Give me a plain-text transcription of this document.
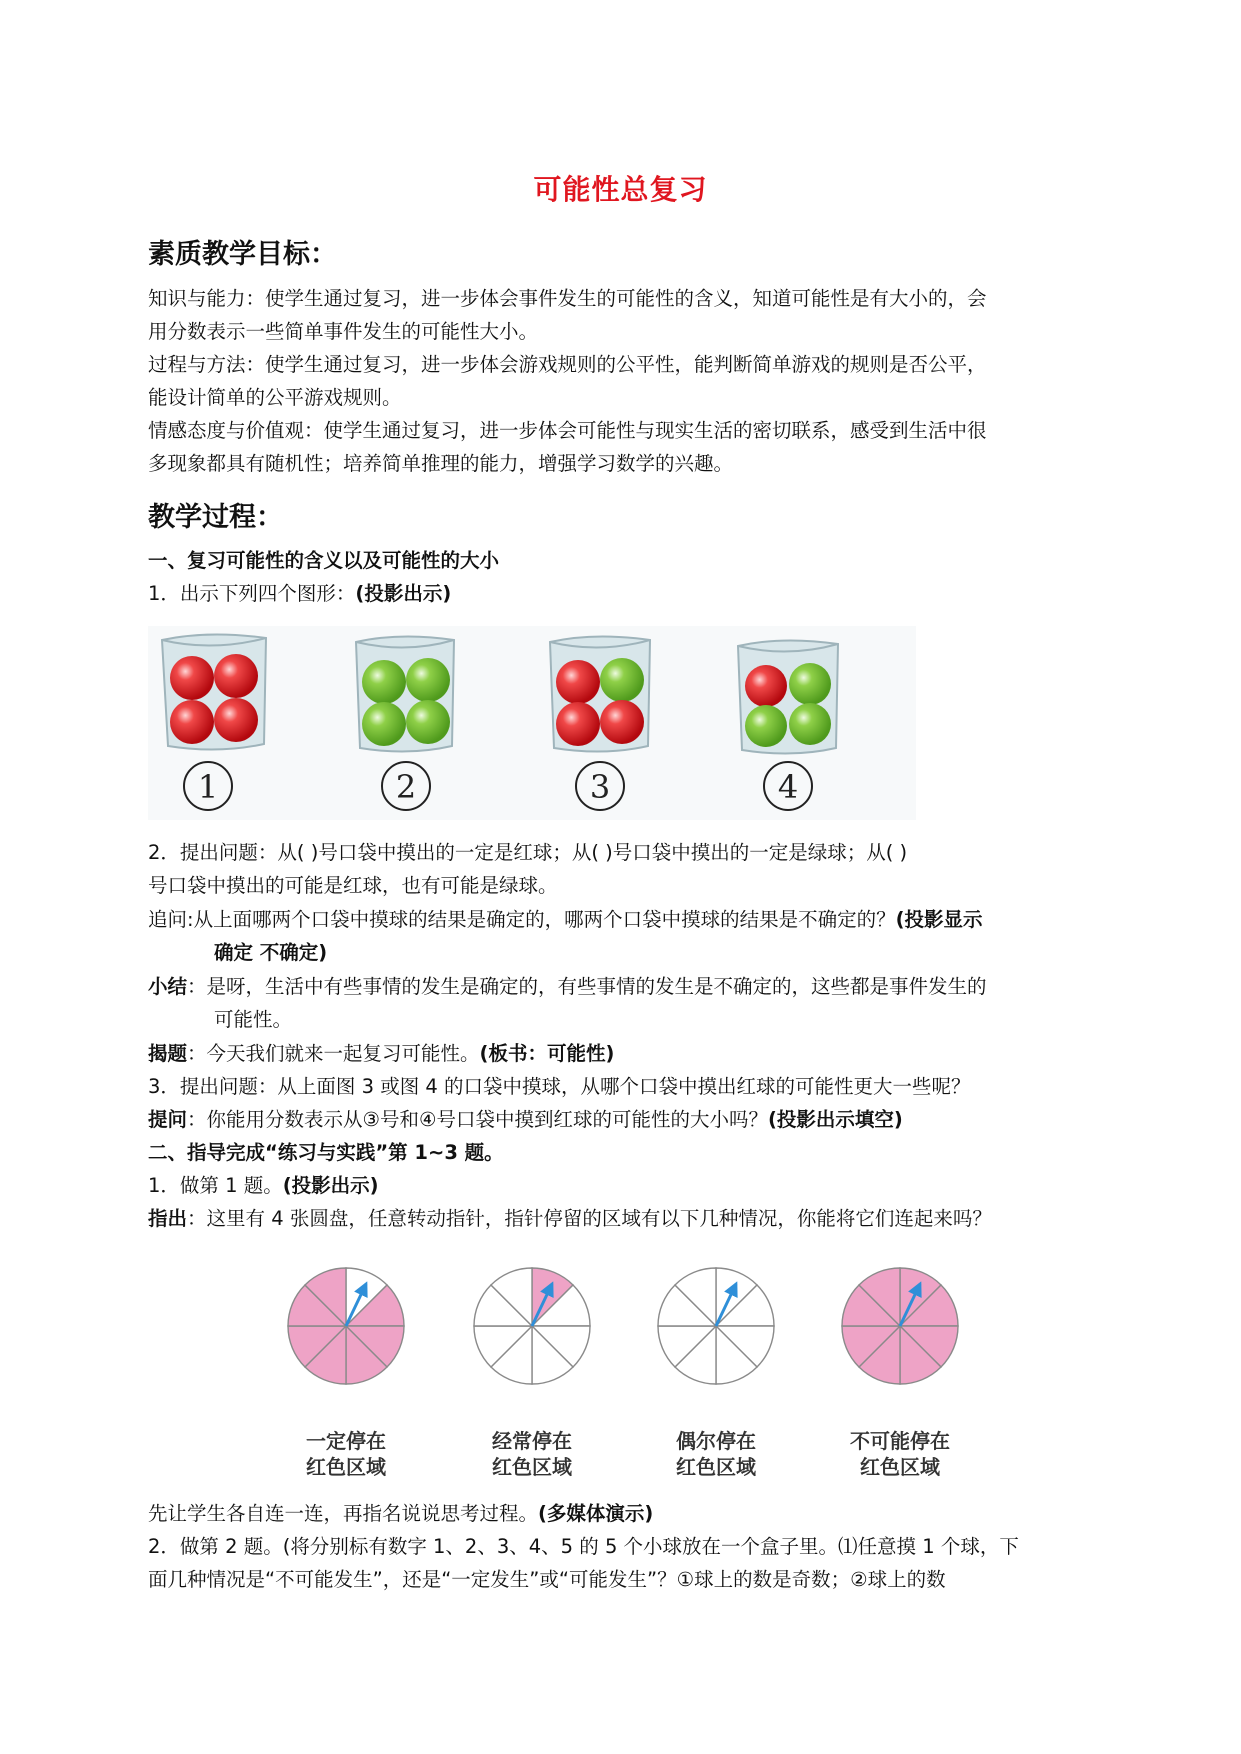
可能性总复习
素质教学目标：
知识与能力：使学生通过复习，进一步体会事件发生的可能性的含义，知道可能性是有大小的，会
用分数表示一些简单事件发生的可能性大小。
过程与方法：使学生通过复习，进一步体会游戏规则的公平性，能判断简单游戏的规则是否公平，
能设计简单的公平游戏规则。
情感态度与价值观：使学生通过复习，进一步体会可能性与现实生活的密切联系，感受到生活中很
多现象都具有随机性；培养简单推理的能力，增强学习数学的兴趣。
教学过程：
一、复习可能性的含义以及可能性的大小
1．出示下列四个图形：(投影出示)
1	2	3	4
2．提出问题：从( )号口袋中摸出的一定是红球；从( )号口袋中摸出的一定是绿球；从( )
号口袋中摸出的可能是红球，也有可能是绿球。
追问:从上面哪两个口袋中摸球的结果是确定的，哪两个口袋中摸球的结果是不确定的？(投影显示
确定 不确定)
小结：是呀，生活中有些事情的发生是确定的，有些事情的发生是不确定的，这些都是事件发生的
可能性。
揭题：今天我们就来一起复习可能性。(板书：可能性)
3．提出问题：从上面图 3 或图 4 的口袋中摸球，从哪个口袋中摸出红球的可能性更大一些呢？
提问：你能用分数表示从③号和④号口袋中摸到红球的可能性的大小吗？(投影出示填空)
二、指导完成“练习与实践”第 1~3 题。
1．做第 1 题。(投影出示)
指出：这里有 4 张圆盘，任意转动指针，指针停留的区域有以下几种情况，你能将它们连起来吗？
一定停在
红色区域
经常停在
红色区域
偶尔停在
红色区域
不可能停在
红色区域
先让学生各自连一连，再指名说说思考过程。(多媒体演示)
2．做第 2 题。(将分别标有数字 1、2、3、4、5 的 5 个小球放在一个盒子里。⑴任意摸 1 个球，下
面几种情况是“不可能发生”，还是“一定发生”或“可能发生”？①球上的数是奇数；②球上的数
